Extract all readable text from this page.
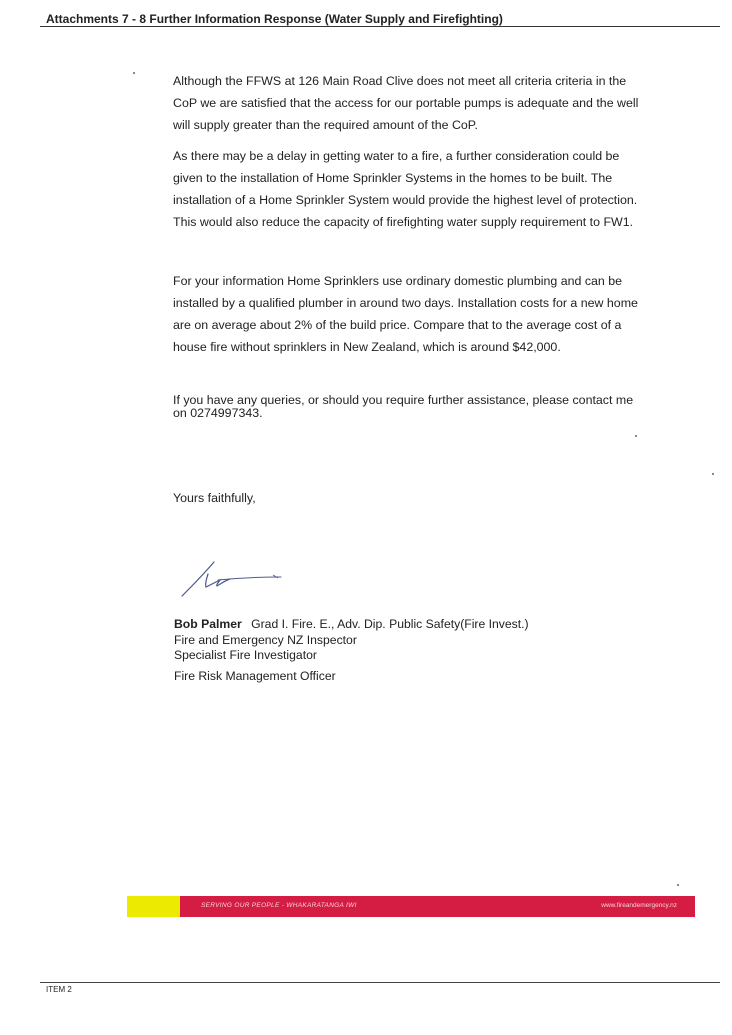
Attachments 7 - 8 Further Information Response (Water Supply and Firefighting)

Although the FFWS at 126 Main Road Clive does not meet all criteria criteria in the CoP we are satisfied that the access for our portable pumps is adequate and the well will supply greater than the required amount of the CoP.

As there may be a delay in getting water to a fire, a further consideration could be given to the installation of Home Sprinkler Systems in the homes to be built. The installation of a Home Sprinkler System would provide the highest level of protection. This would also reduce the capacity of firefighting water supply requirement to FW1.

For your information Home Sprinklers use ordinary domestic plumbing and can be installed by a qualified plumber in around two days. Installation costs for a new home are on average about 2% of the build price. Compare that to the average cost of a house fire without sprinklers in New Zealand, which is around $42,000.

If you have any queries, or should you require further assistance, please contact me on 0274997343.

Yours faithfully,
Bob Palmer Grad I. Fire. E., Adv. Dip. Public Safety(Fire Invest.)
Fire and Emergency NZ Inspector
Specialist Fire Investigator
Fire Risk Management Officer
SERVING OUR PEOPLE - WHAKARATANGA IWI	www.fireandemergency.nz
ITEM 2
